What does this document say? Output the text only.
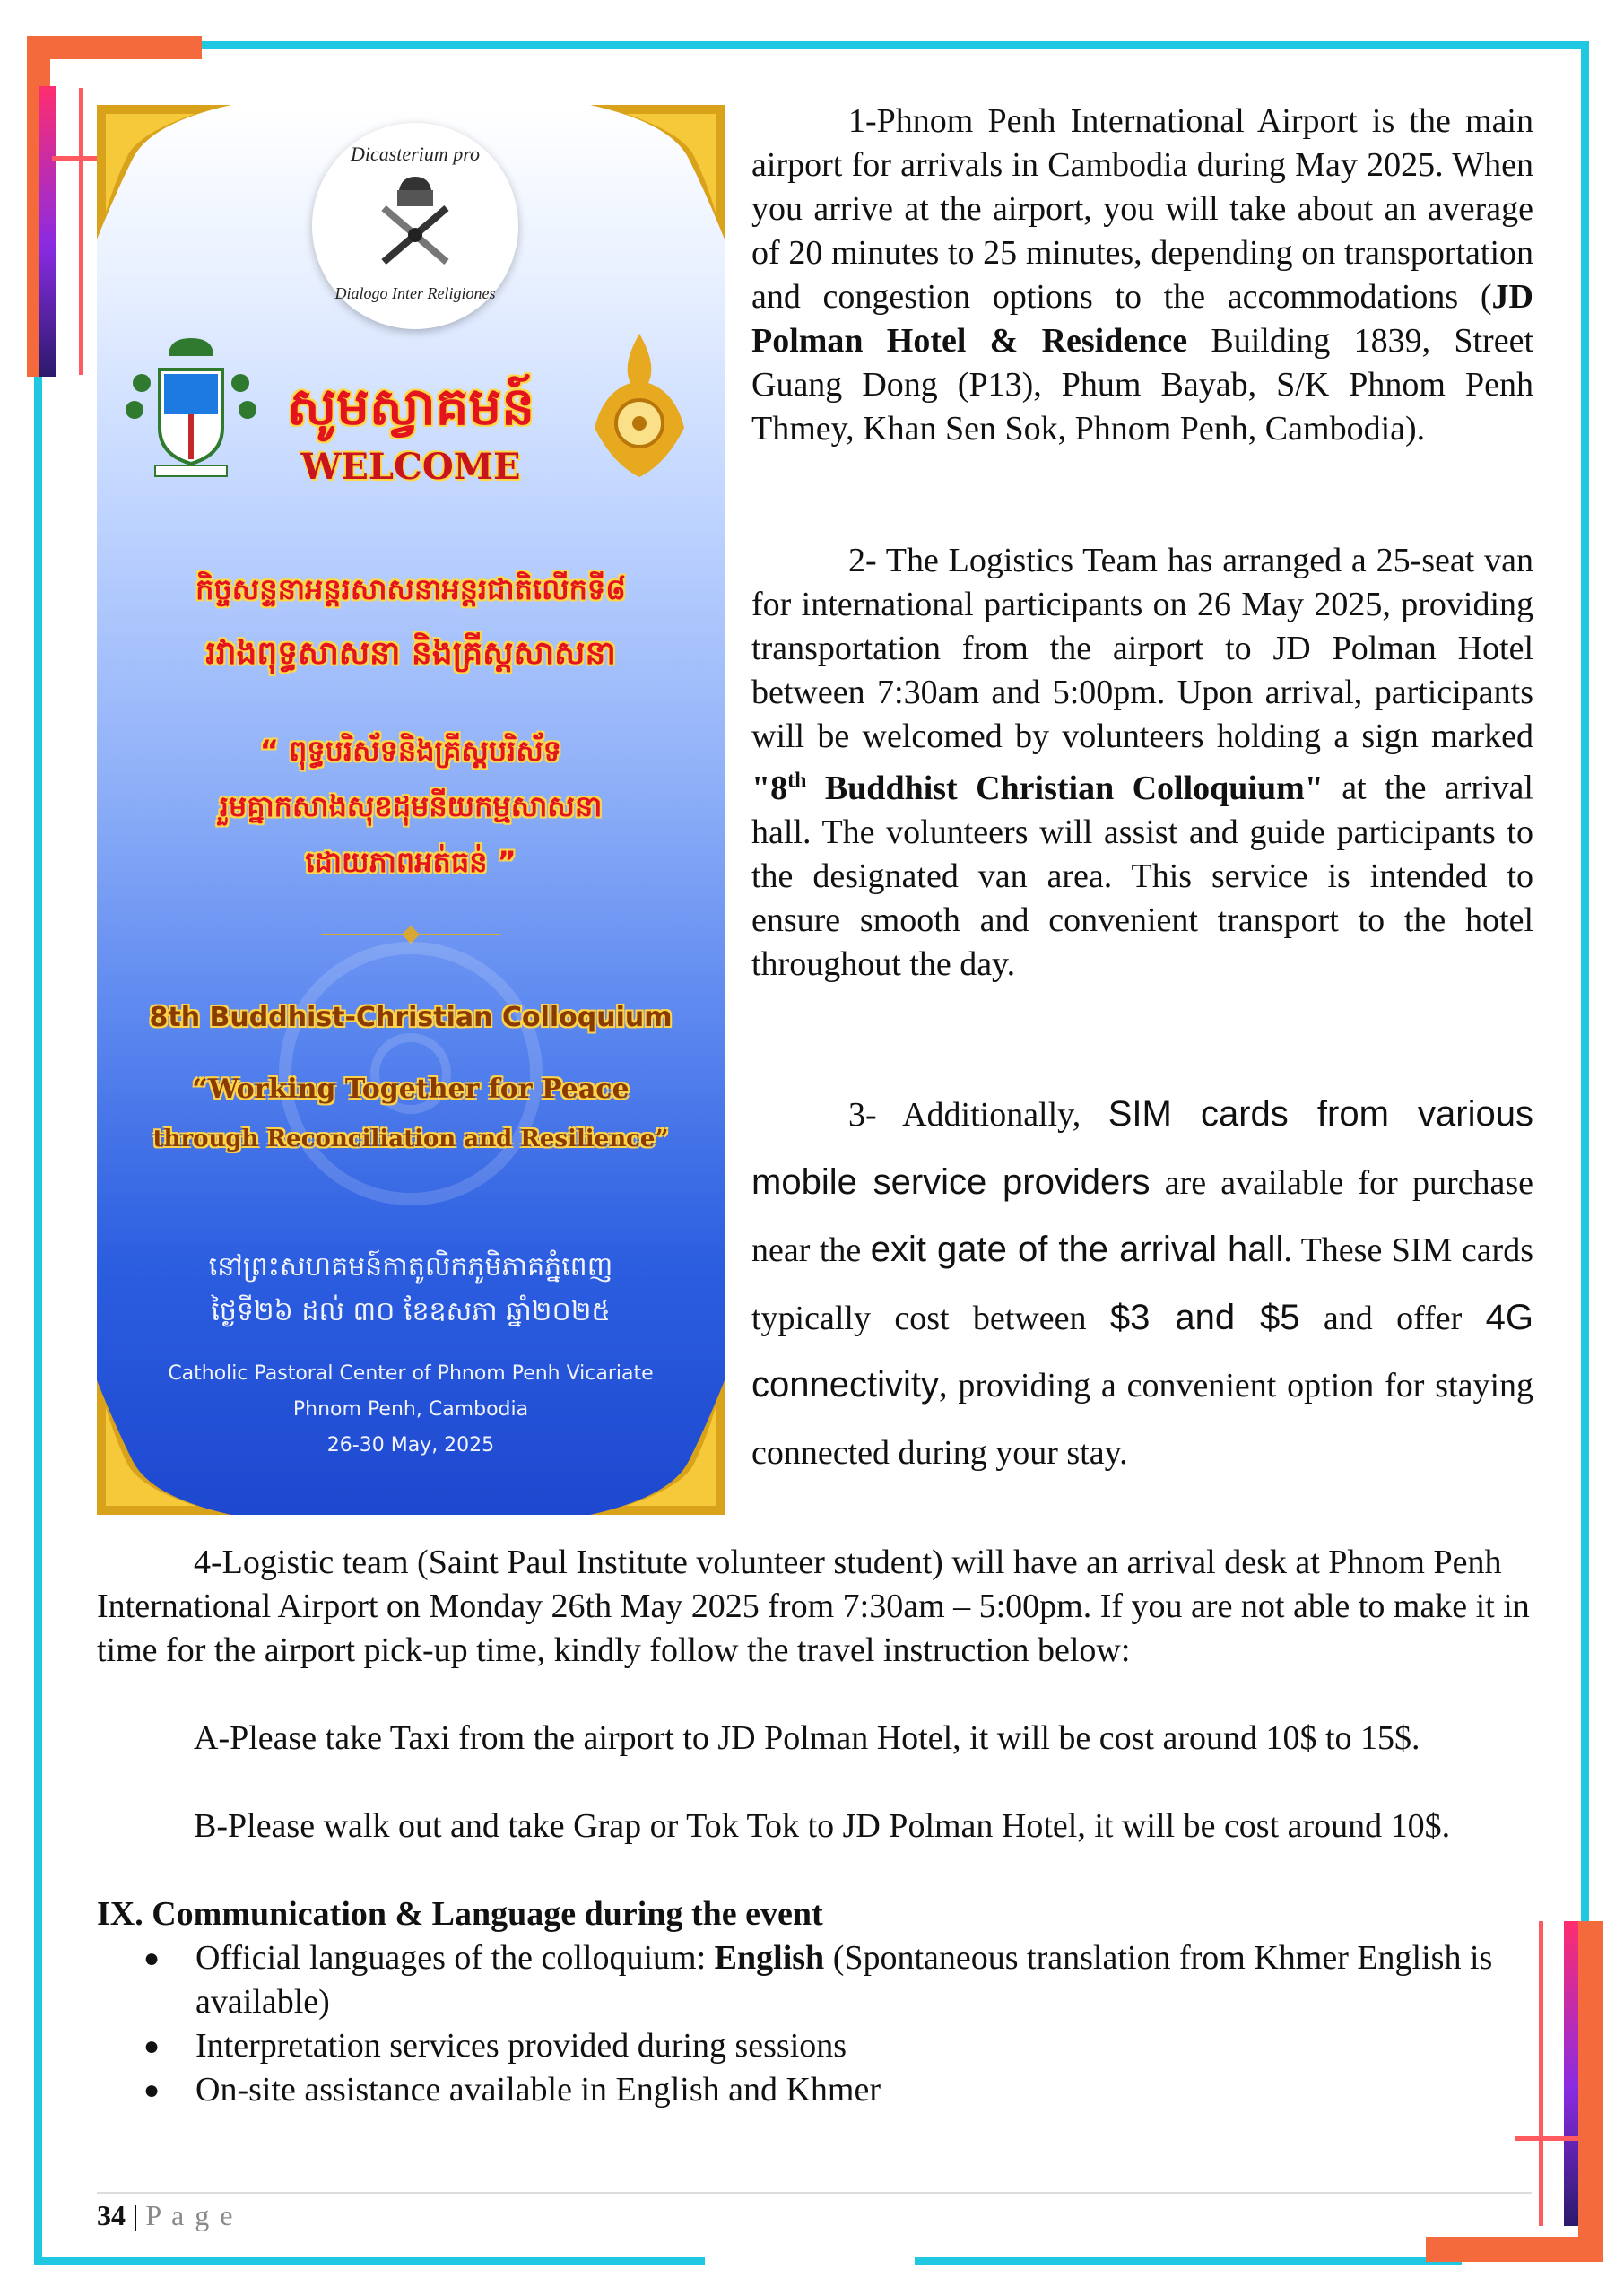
Dicasterium pro
Dialogo Inter Religiones
សូមស្វាគមន៍
WELCOME
កិច្ចសន្ទនាអន្តរសាសនាអន្តរជាតិលើកទី៨
រវាងពុទ្ធសាសនា និងគ្រីស្តសាសនា
“ ពុទ្ធបរិស័ទនិងគ្រីស្តបរិស័ទ
រួមគ្នាកសាងសុខដុមនីយកម្មសាសនា
ដោយភាពអត់ធន់ ”
8th Buddhist-Christian Colloquium
“Working Together for Peace
through Reconciliation and Resilience”
នៅព្រះសហគមន៍កាតូលិកភូមិភាគភ្នំពេញ
ថ្ងៃទី២៦ ដល់ ៣០ ខែឧសភា ឆ្នាំ២០២៥
Catholic Pastoral Center of Phnom Penh Vicariate
Phnom Penh, Cambodia
26-30 May, 2025

1-Phnom Penh International Airport is the main airport for arrivals in Cambodia during May 2025. When you arrive at the airport, you will take about an average of 20 minutes to 25 minutes, depending on transportation and congestion options to the accommodations (JD Polman Hotel & Residence Building 1839, Street Guang Dong (P13), Phum Bayab, S/K Phnom Penh Thmey, Khan Sen Sok, Phnom Penh, Cambodia).

2- The Logistics Team has arranged a 25-seat van for international participants on 26 May 2025, providing transportation from the airport to JD Polman Hotel between 7:30am and 5:00pm. Upon arrival, participants will be welcomed by volunteers holding a sign marked "8th Buddhist Christian Colloquium" at the arrival hall. The volunteers will assist and guide participants to the designated van area. This service is intended to ensure smooth and convenient transport to the hotel throughout the day.

3- Additionally, SIM cards from various mobile service providers are available for purchase near the exit gate of the arrival hall. These SIM cards typically cost between $3 and $5 and offer 4G connectivity, providing a convenient option for staying connected during your stay.

4-Logistic team (Saint Paul Institute volunteer student) will have an arrival desk at Phnom Penh International Airport on Monday 26th May 2025 from 7:30am – 5:00pm. If you are not able to make it in time for the airport pick-up time, kindly follow the travel instruction below:

A-Please take Taxi from the airport to JD Polman Hotel, it will be cost around 10$ to 15$.

B-Please walk out and take Grap or Tok Tok to JD Polman Hotel, it will be cost around 10$.

IX. Communication & Language during the event

● Official languages of the colloquium: English (Spontaneous translation from Khmer English is available)

● Interpretation services provided during sessions

● On-site assistance available in English and Khmer

34 | P a g e
